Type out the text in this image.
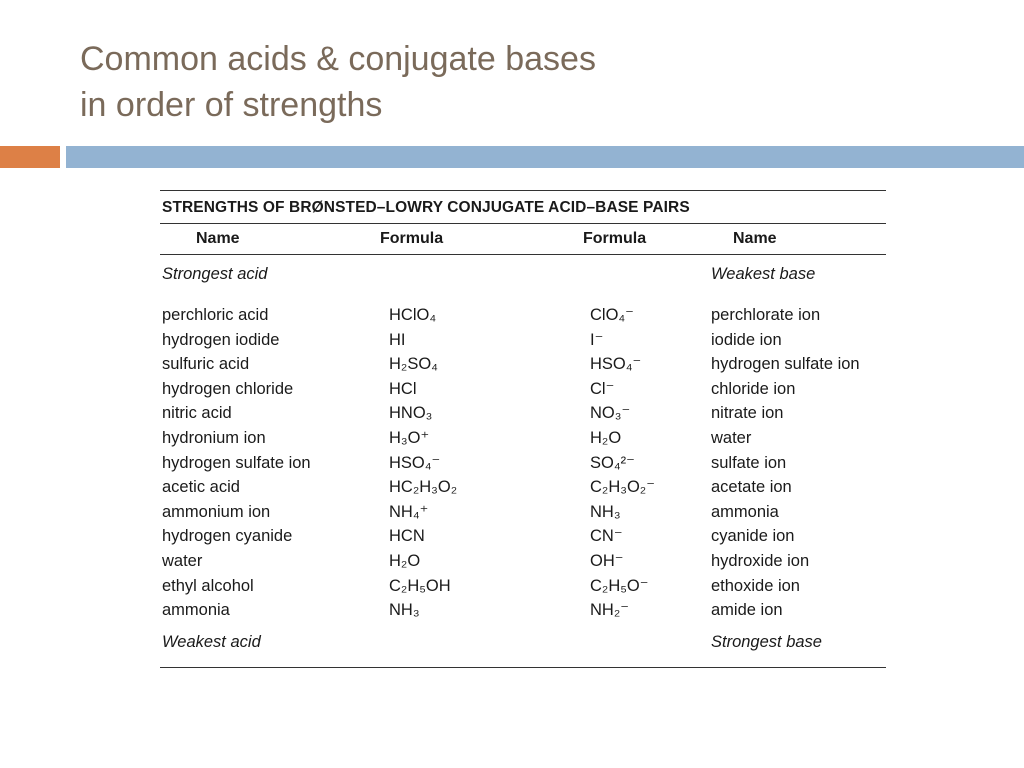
Common acids & conjugate bases
in order of strengths
STRENGTHS OF BRØNSTED–LOWRY CONJUGATE ACID–BASE PAIRS
Name	Formula	Formula	Name
Strongest acid	Weakest base
perchloric acid	HClO₄	ClO₄⁻	perchlorate ion
hydrogen iodide	HI	I⁻	iodide ion
sulfuric acid	H₂SO₄	HSO₄⁻	hydrogen sulfate ion
hydrogen chloride	HCl	Cl⁻	chloride ion
nitric acid	HNO₃	NO₃⁻	nitrate ion
hydronium ion	H₃O⁺	H₂O	water
hydrogen sulfate ion	HSO₄⁻	SO₄²⁻	sulfate ion
acetic acid	HC₂H₃O₂	C₂H₃O₂⁻	acetate ion
ammonium ion	NH₄⁺	NH₃	ammonia
hydrogen cyanide	HCN	CN⁻	cyanide ion
water	H₂O	OH⁻	hydroxide ion
ethyl alcohol	C₂H₅OH	C₂H₅O⁻	ethoxide ion
ammonia	NH₃	NH₂⁻	amide ion
Weakest acid	Strongest base
